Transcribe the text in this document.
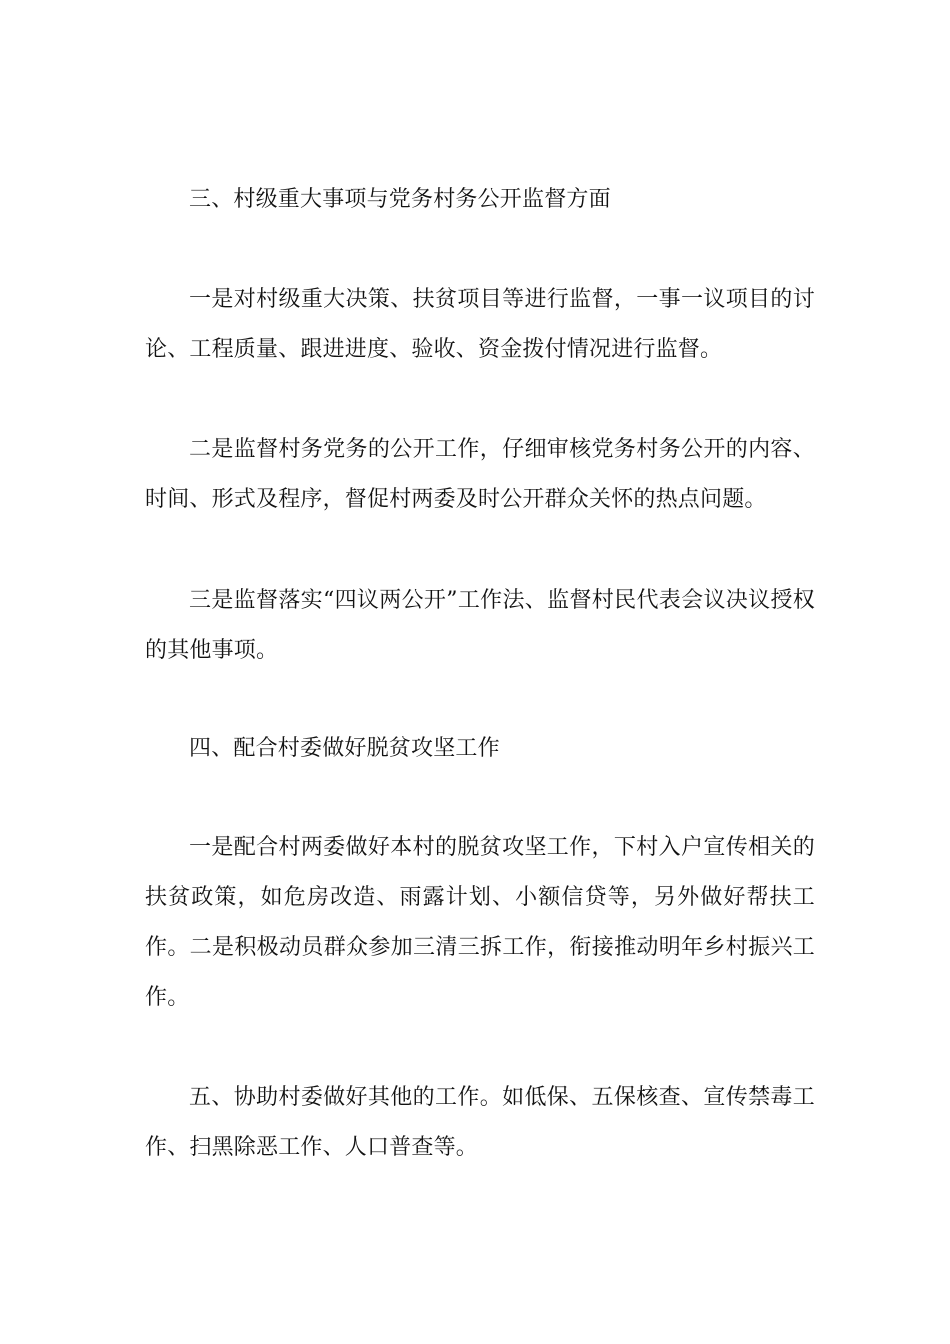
三、村级重大事项与党务村务公开监督方面

一是对村级重大决策、扶贫项目等进行监督，一事一议项目的讨论、工程质量、跟进进度、验收、资金拨付情况进行监督。

二是监督村务党务的公开工作，仔细审核党务村务公开的内容、时间、形式及程序，督促村两委及时公开群众关怀的热点问题。

三是监督落实“四议两公开”工作法、监督村民代表会议决议授权的其他事项。

四、配合村委做好脱贫攻坚工作

一是配合村两委做好本村的脱贫攻坚工作，下村入户宣传相关的扶贫政策，如危房改造、雨露计划、小额信贷等，另外做好帮扶工作。二是积极动员群众参加三清三拆工作，衔接推动明年乡村振兴工作。

五、协助村委做好其他的工作。如低保、五保核查、宣传禁毒工作、扫黑除恶工作、人口普查等。
